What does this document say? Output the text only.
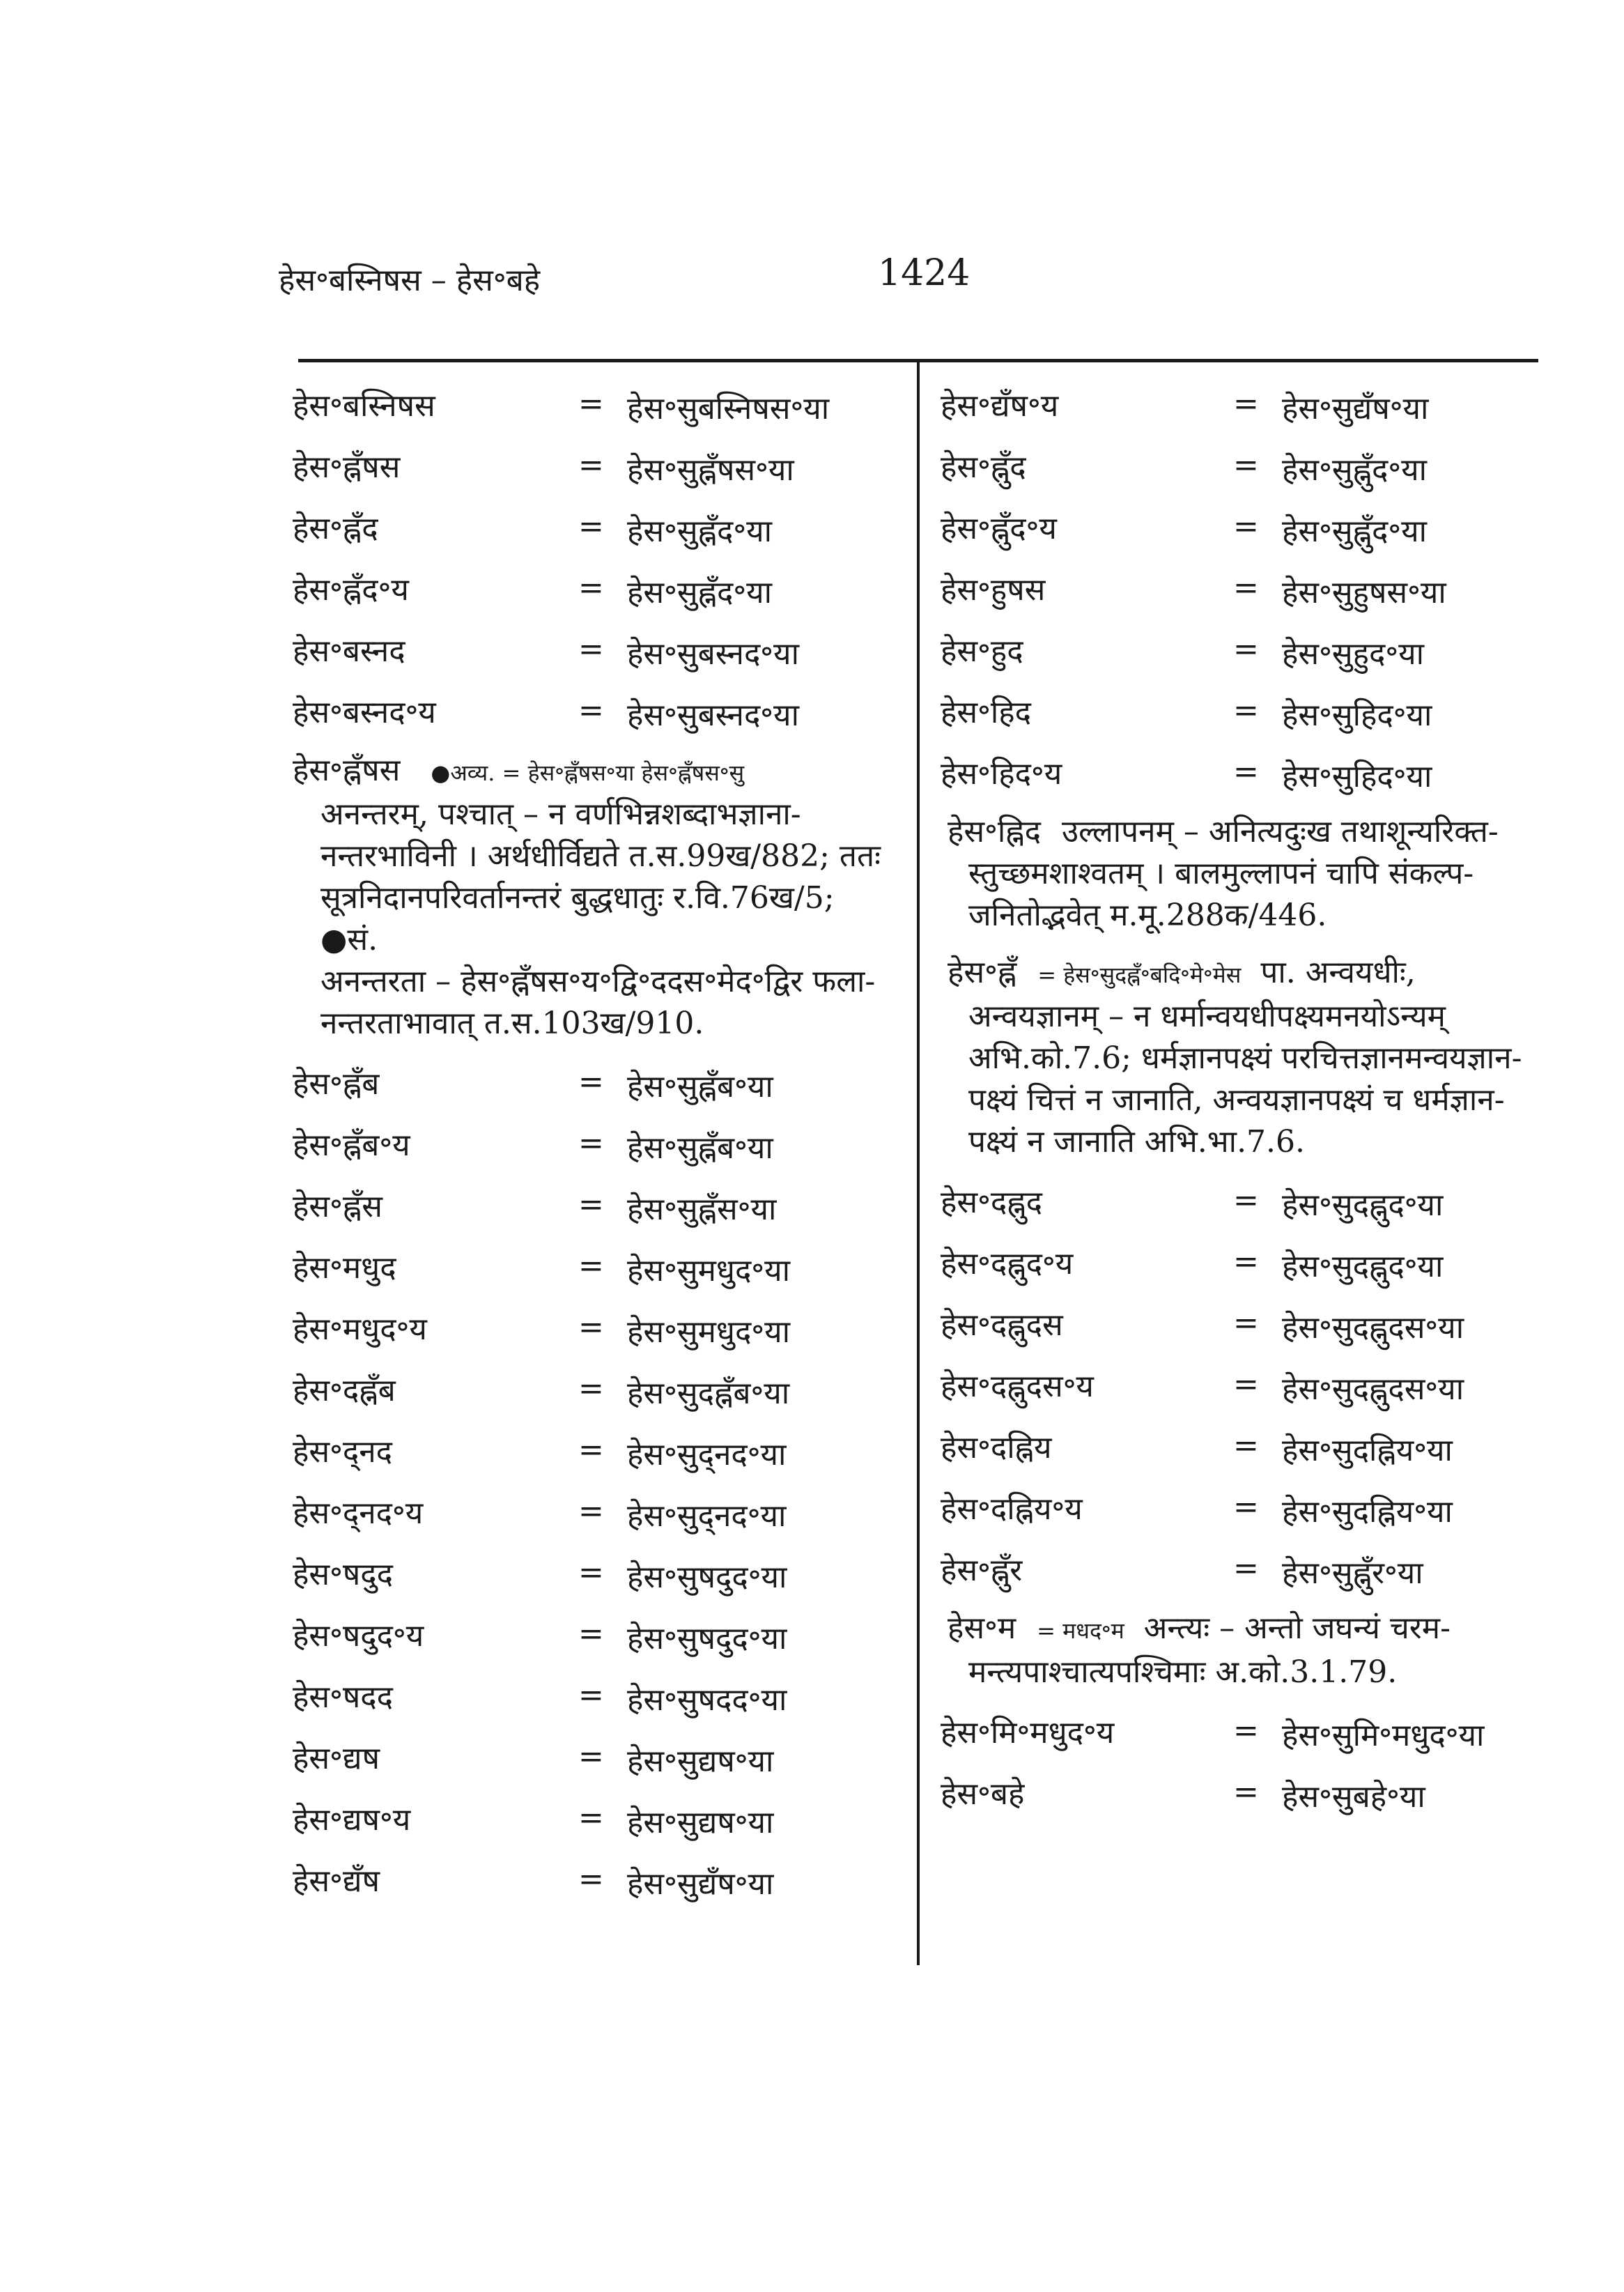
हेस॰बस्निषस – हेस॰बहे	1424
हेस॰बस्निषस	= हेस॰सुबस्निषस॰या
हेस॰ह्नँषस	= हेस॰सुह्नँषस॰या
हेस॰ह्नँद	= हेस॰सुह्नँद॰या
हेस॰ह्नँद॰य	= हेस॰सुह्नँद॰या
हेस॰बस्नद	= हेस॰सुबस्नद॰या
हेस॰बस्नद॰य	= हेस॰सुबस्नद॰या
हेस॰ह्नँषस ●अव्य. = हेस॰ह्नँषस॰या हेस॰ह्नँषस॰सु
अनन्तरम्, पश्चात् – न वर्णभिन्नशब्दाभज्ञाना-
नन्तरभाविनी । अर्थधीर्विद्यते त.स.99ख/882; ततः
सूत्रनिदानपरिवर्तानन्तरं बुद्धधातुः र.वि.76ख/5; ●सं.
अनन्तरता – हेस॰ह्नँषस॰य॰द्वि॰ददस॰मेद॰द्विर फला-
नन्तरताभावात् त.स.103ख/910.
हेस॰ह्नँब	= हेस॰सुह्नँब॰या
हेस॰ह्नँब॰य	= हेस॰सुह्नँब॰या
हेस॰ह्नँस	= हेस॰सुह्नँस॰या
हेस॰मधुद	= हेस॰सुमधुद॰या
हेस॰मधुद॰य	= हेस॰सुमधुद॰या
हेस॰दह्नँब	= हेस॰सुदह्नँब॰या
हेस॰द्नद	= हेस॰सुद्नद॰या
हेस॰द्नद॰य	= हेस॰सुद्नद॰या
हेस॰षदुद	= हेस॰सुषदुद॰या
हेस॰षदुद॰य	= हेस॰सुषदुद॰या
हेस॰षदद	= हेस॰सुषदद॰या
हेस॰द्यष	= हेस॰सुद्यष॰या
हेस॰द्यष॰य	= हेस॰सुद्यष॰या
हेस॰द्यँष	= हेस॰सुद्यँष॰या
हेस॰द्यँष॰य	= हेस॰सुद्यँष॰या
हेस॰ह्नुँद	= हेस॰सुह्नुँद॰या
हेस॰ह्नुँद॰य	= हेस॰सुह्नुँद॰या
हेस॰हुषस	= हेस॰सुहुषस॰या
हेस॰हुद	= हेस॰सुहुद॰या
हेस॰हिद	= हेस॰सुहिद॰या
हेस॰हिद॰य	= हेस॰सुहिद॰या
हेस॰ह्निद उल्लापनम् – अनित्यदुःख तथाशून्यरिक्त-
स्तुच्छमशाश्वतम् । बालमुल्लापनं चापि संकल्प-
जनितोद्भवेत् म.मू.288क/446.
हेस॰ह्नँ = हेस॰सुदह्नँ॰बदि॰मे॰मेस पा. अन्वयधीः,
अन्वयज्ञानम् – न धर्मान्वयधीपक्ष्यमनयोऽन्यम्
अभि.को.7.6; धर्मज्ञानपक्ष्यं परचित्तज्ञानमन्वयज्ञान-
पक्ष्यं चित्तं न जानाति, अन्वयज्ञानपक्ष्यं च धर्मज्ञान-
पक्ष्यं न जानाति अभि.भा.7.6.
हेस॰दह्नुद	= हेस॰सुदह्नुद॰या
हेस॰दह्नुद॰य	= हेस॰सुदह्नुद॰या
हेस॰दह्नुदस	= हेस॰सुदह्नुदस॰या
हेस॰दह्नुदस॰य	= हेस॰सुदह्नुदस॰या
हेस॰दह्निय	= हेस॰सुदह्निय॰या
हेस॰दह्निय॰य	= हेस॰सुदह्निय॰या
हेस॰ह्नुँर	= हेस॰सुह्नुँर॰या
हेस॰म = मधद॰म अन्त्यः – अन्तो जघन्यं चरम-
मन्त्यपाश्चात्यपश्चिमाः अ.को.3.1.79.
हेस॰मि॰मधुद॰य	= हेस॰सुमि॰मधुद॰या
हेस॰बहे	= हेस॰सुबहे॰या
